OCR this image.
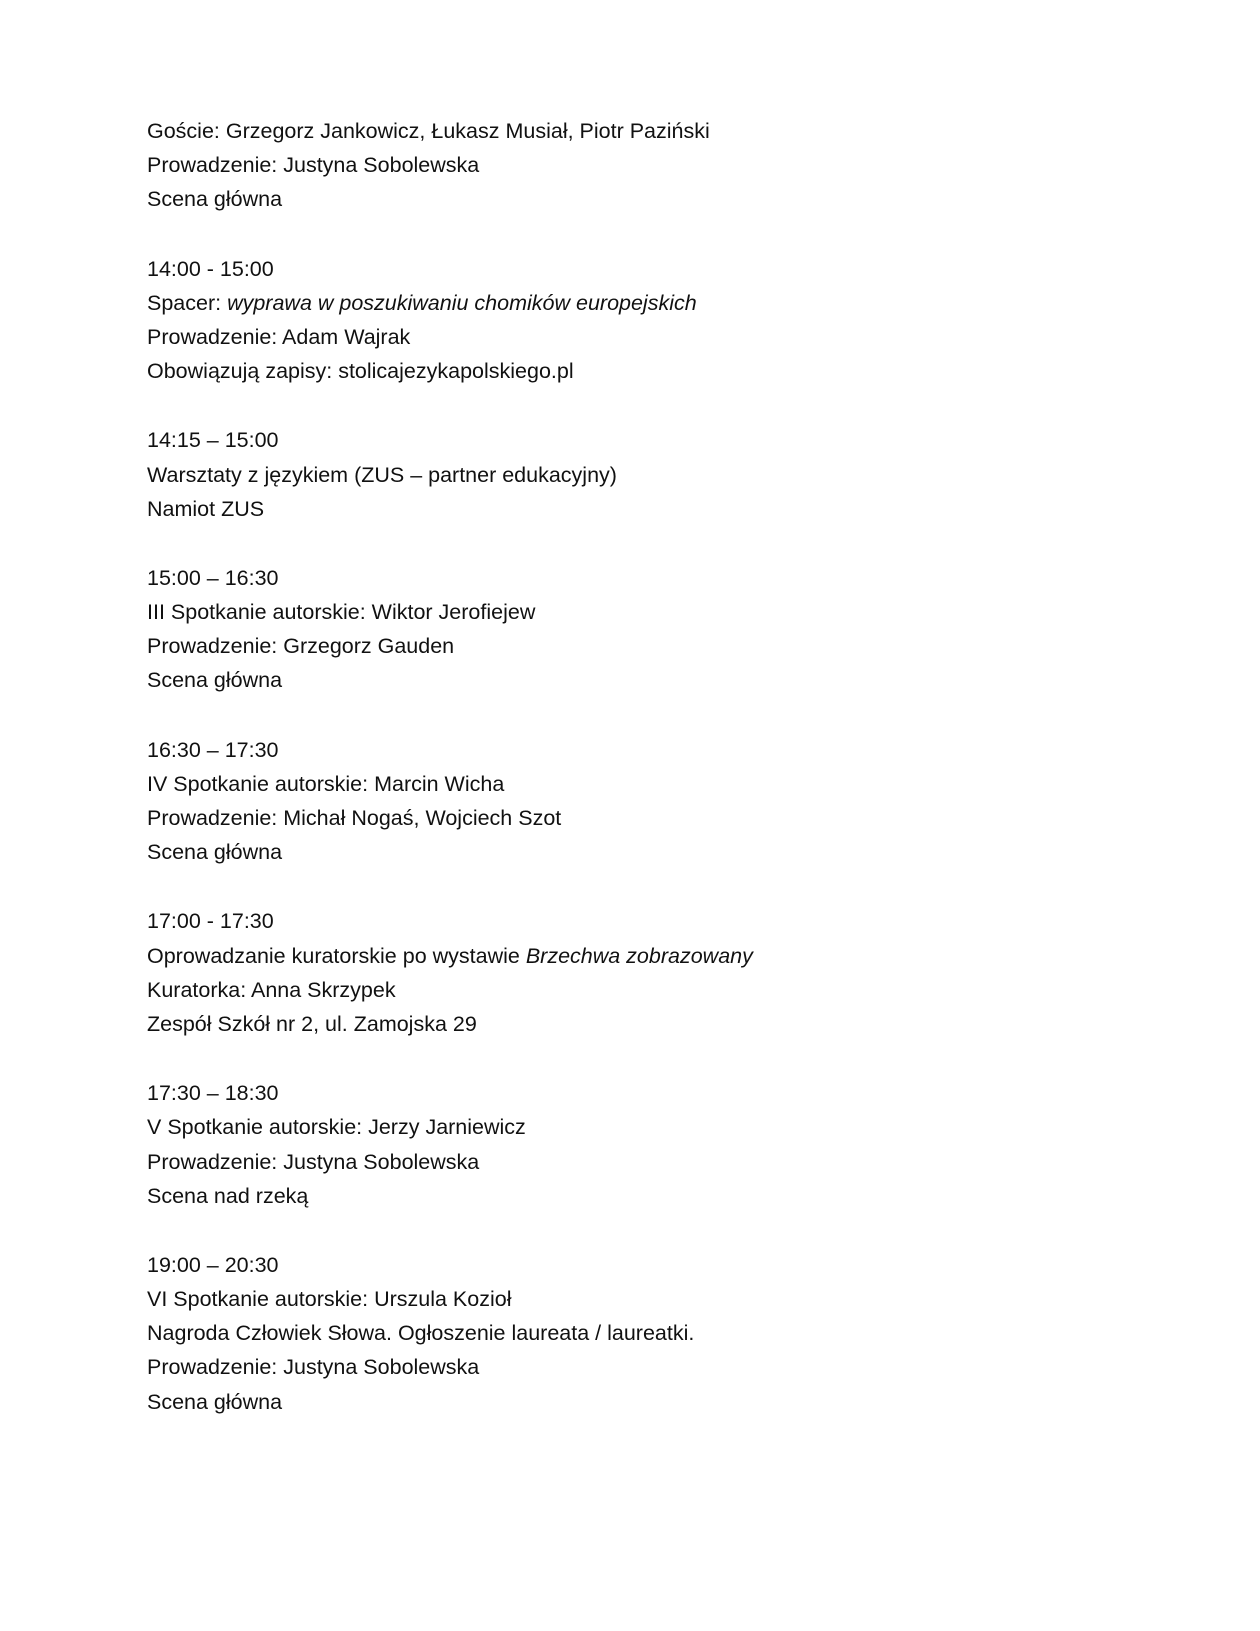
Goście: Grzegorz Jankowicz, Łukasz Musiał, Piotr Paziński
Prowadzenie: Justyna Sobolewska
Scena główna
14:00 - 15:00
Spacer: wyprawa w poszukiwaniu chomików europejskich
Prowadzenie: Adam Wajrak
Obowiązują zapisy: stolicajezykapolskiego.pl
14:15 – 15:00
Warsztaty z językiem (ZUS – partner edukacyjny)
Namiot ZUS
15:00 – 16:30
III Spotkanie autorskie: Wiktor Jerofiejew
Prowadzenie: Grzegorz Gauden
Scena główna
16:30 – 17:30
IV Spotkanie autorskie: Marcin Wicha
Prowadzenie: Michał Nogaś, Wojciech Szot
Scena główna
17:00 - 17:30
Oprowadzanie kuratorskie po wystawie Brzechwa zobrazowany
Kuratorka: Anna Skrzypek
Zespół Szkół nr 2, ul. Zamojska 29
17:30 – 18:30
V Spotkanie autorskie: Jerzy Jarniewicz
Prowadzenie: Justyna Sobolewska
Scena nad rzeką
19:00 – 20:30
VI Spotkanie autorskie: Urszula Kozioł
Nagroda Człowiek Słowa. Ogłoszenie laureata / laureatki.
Prowadzenie: Justyna Sobolewska
Scena główna
